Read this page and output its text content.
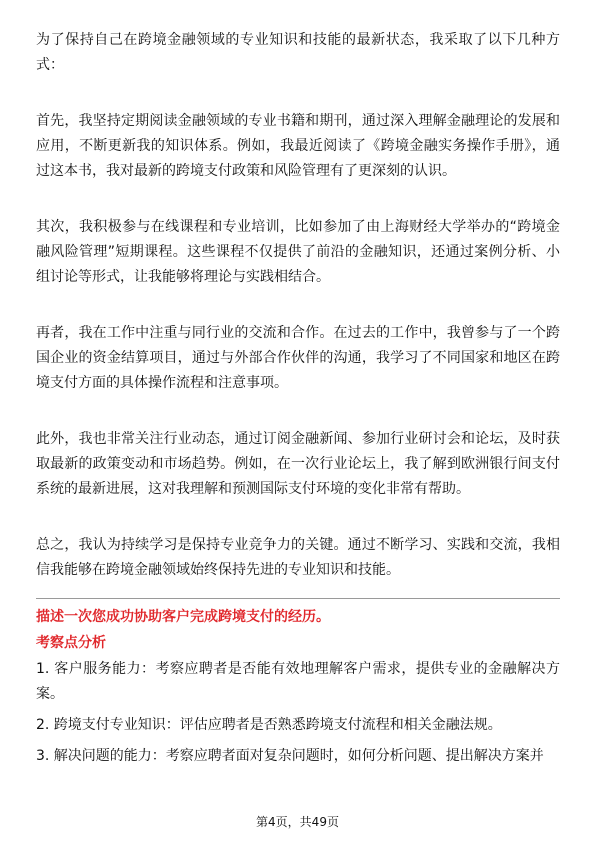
为了保持自己在跨境金融领域的专业知识和技能的最新状态，我采取了以下几种方式：

首先，我坚持定期阅读金融领域的专业书籍和期刊，通过深入理解金融理论的发展和应用，不断更新我的知识体系。例如，我最近阅读了《跨境金融实务操作手册》，通过这本书，我对最新的跨境支付政策和风险管理有了更深刻的认识。

其次，我积极参与在线课程和专业培训，比如参加了由上海财经大学举办的“跨境金融风险管理”短期课程。这些课程不仅提供了前沿的金融知识，还通过案例分析、小组讨论等形式，让我能够将理论与实践相结合。

再者，我在工作中注重与同行业的交流和合作。在过去的工作中，我曾参与了一个跨国企业的资金结算项目，通过与外部合作伙伴的沟通，我学习了不同国家和地区在跨境支付方面的具体操作流程和注意事项。

此外，我也非常关注行业动态，通过订阅金融新闻、参加行业研讨会和论坛，及时获取最新的政策变动和市场趋势。例如，在一次行业论坛上，我了解到欧洲银行间支付系统的最新进展，这对我理解和预测国际支付环境的变化非常有帮助。

总之，我认为持续学习是保持专业竞争力的关键。通过不断学习、实践和交流，我相信我能够在跨境金融领域始终保持先进的专业知识和技能。

描述一次您成功协助客户完成跨境支付的经历。
考察点分析
1. 客户服务能力：考察应聘者是否能有效地理解客户需求，提供专业的金融解决方案。
2. 跨境支付专业知识：评估应聘者是否熟悉跨境支付流程和相关金融法规。
3. 解决问题的能力：考察应聘者面对复杂问题时，如何分析问题、提出解决方案并
第4页，共49页
